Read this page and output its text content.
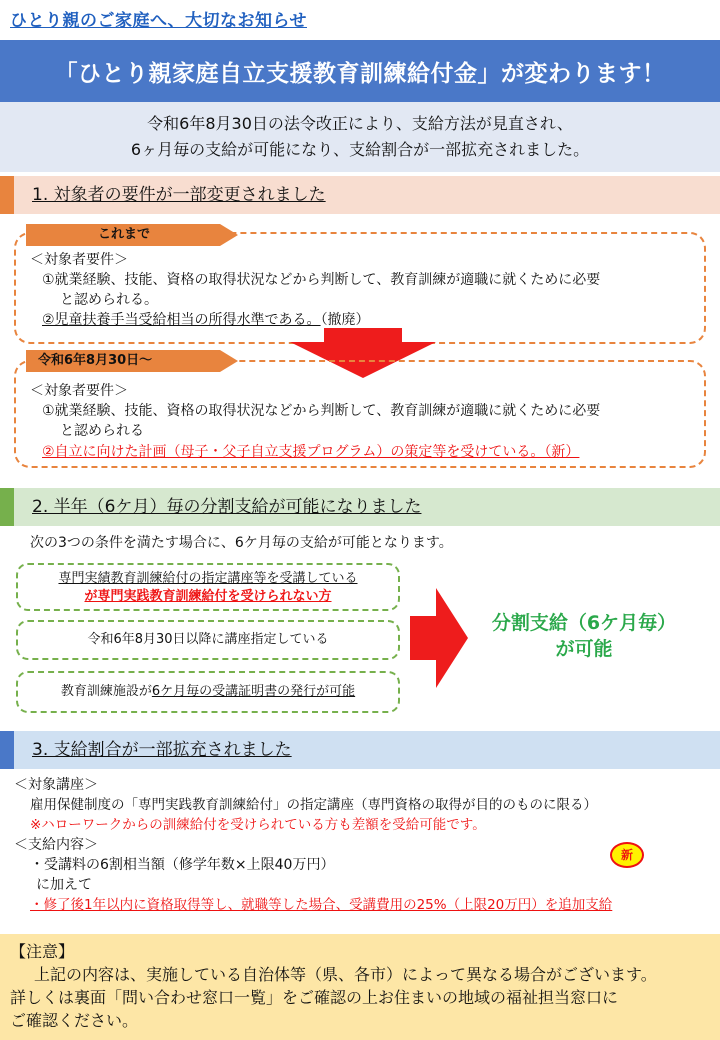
ひとり親のご家庭へ、大切なお知らせ
「ひとり親家庭自立支援教育訓練給付金」が変わります！
令和6年8月30日の法令改正により、支給方法が見直され、
6ヶ月毎の支給が可能になり、支給割合が一部拡充されました。
1. 対象者の要件が一部変更されました
これまで
＜対象者要件＞
①就業経験、技能、資格の取得状況などから判断して、教育訓練が適職に就くために必要
と認められる。
②児童扶養手当受給相当の所得水準である。（撤廃）
令和6年8月30日～
＜対象者要件＞
①就業経験、技能、資格の取得状況などから判断して、教育訓練が適職に就くために必要
と認められる
②自立に向けた計画（母子・父子自立支援プログラム）の策定等を受けている。（新）
2. 半年（6ケ月）毎の分割支給が可能になりました
次の3つの条件を満たす場合に、6ケ月毎の支給が可能となります。
専門実績教育訓練給付の指定講座等を受講している
が専門実践教育訓練給付を受けられない方
令和6年8月30日以降に講座指定している
教育訓練施設が6ケ月毎の受講証明書の発行が可能
分割支給（6ケ月毎）
が可能
3. 支給割合が一部拡充されました
＜対象講座＞
雇用保健制度の「専門実践教育訓練給付」の指定講座（専門資格の取得が目的のものに限る）
※ハローワークからの訓練給付を受けられている方も差額を受給可能です。
＜支給内容＞
・受講料の6割相当額（修学年数×上限40万円）
に加えて
・修了後1年以内に資格取得等し、就職等した場合、受講費用の25%（上限20万円）を追加支給
新
【注意】
上記の内容は、実施している自治体等（県、各市）によって異なる場合がございます。
詳しくは裏面「問い合わせ窓口一覧」をご確認の上お住まいの地域の福祉担当窓口に
ご確認ください。
